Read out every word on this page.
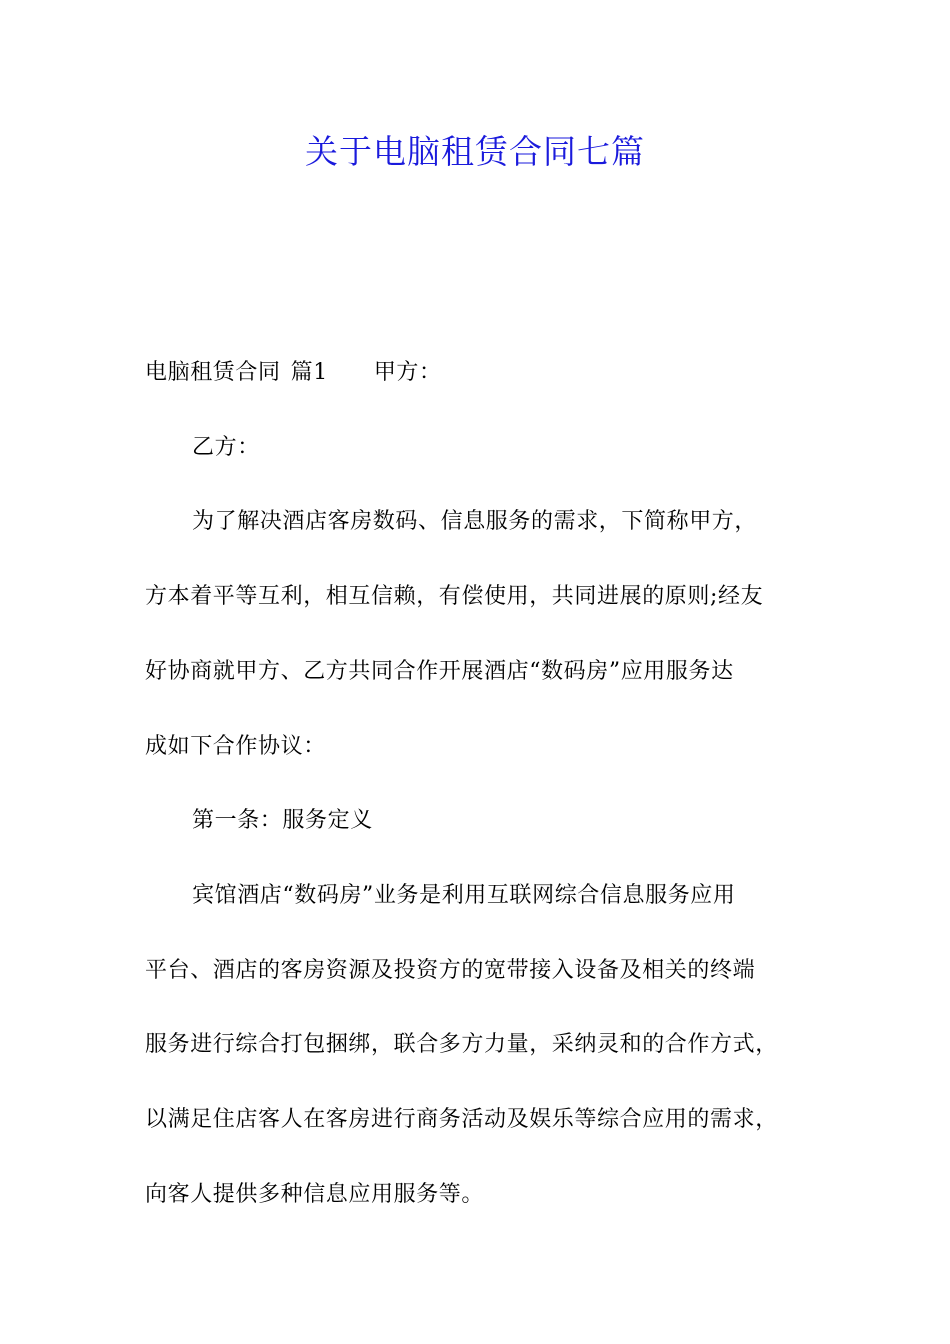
关于电脑租赁合同七篇

电脑租赁合同 篇1 甲方：

乙方：

为了解决酒店客房数码、信息服务的需求，下简称甲方，

方本着平等互利，相互信赖，有偿使用，共同进展的原则;经友

好协商就甲方、乙方共同合作开展酒店“数码房”应用服务达

成如下合作协议：

第一条：服务定义

宾馆酒店“数码房”业务是利用互联网综合信息服务应用

平台、酒店的客房资源及投资方的宽带接入设备及相关的终端

服务进行综合打包捆绑，联合多方力量，采纳灵和的合作方式，

以满足住店客人在客房进行商务活动及娱乐等综合应用的需求，

向客人提供多种信息应用服务等。
